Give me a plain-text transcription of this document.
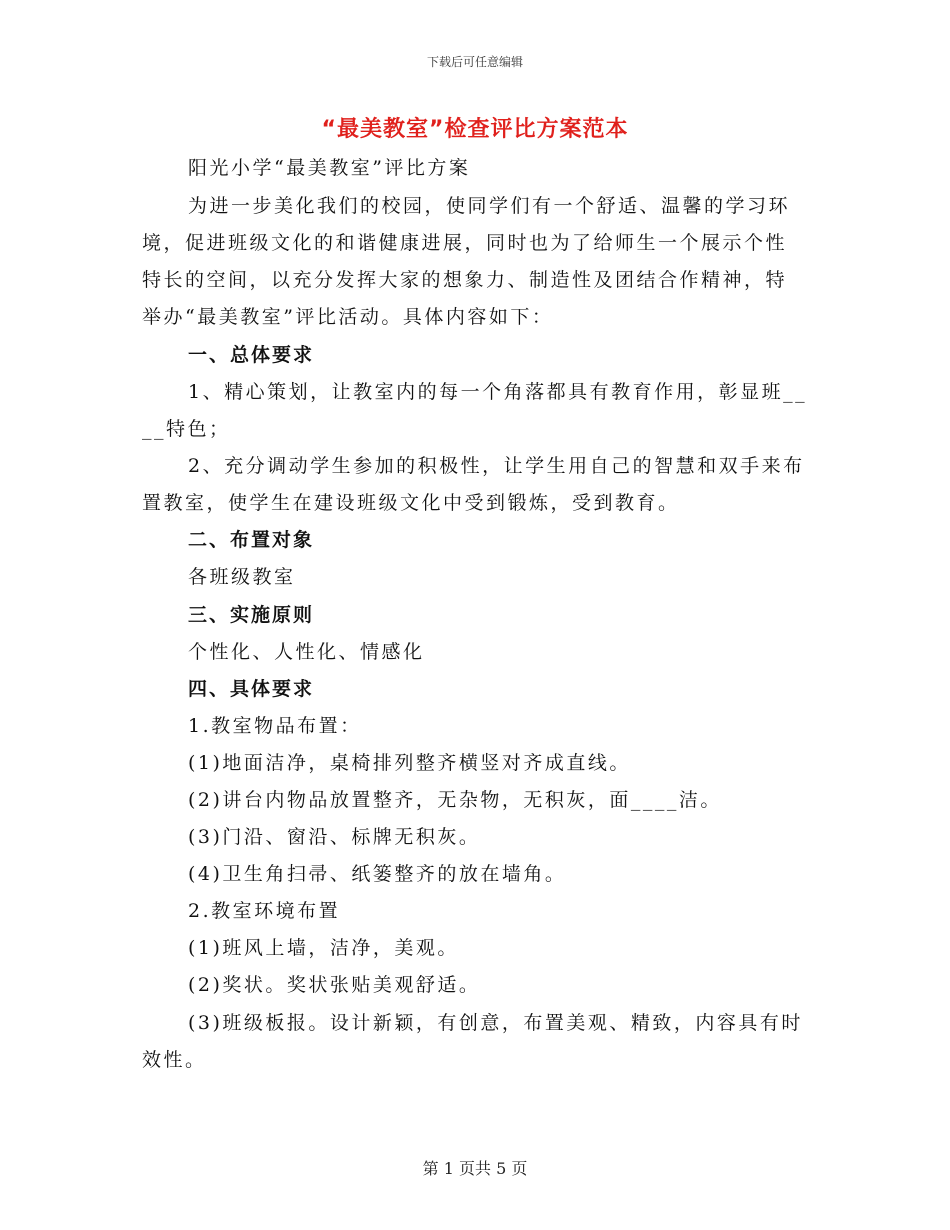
下载后可任意编辑
“最美教室”检查评比方案范本
阳光小学“最美教室”评比方案
为进一步美化我们的校园，使同学们有一个舒适、温馨的学习环
境，促进班级文化的和谐健康进展，同时也为了给师生一个展示个性
特长的空间，以充分发挥大家的想象力、制造性及团结合作精神，特
举办“最美教室”评比活动。具体内容如下：
一、总体要求
1、精心策划，让教室内的每一个角落都具有教育作用，彰显班__
__特色；
2、充分调动学生参加的积极性，让学生用自己的智慧和双手来布
置教室，使学生在建设班级文化中受到锻炼，受到教育。
二、布置对象
各班级教室
三、实施原则
个性化、人性化、情感化
四、具体要求
1.教室物品布置：
(1)地面洁净，桌椅排列整齐横竖对齐成直线。
(2)讲台内物品放置整齐，无杂物，无积灰，面____洁。
(3)门沿、窗沿、标牌无积灰。
(4)卫生角扫帚、纸篓整齐的放在墙角。
2.教室环境布置
(1)班风上墙，洁净，美观。
(2)奖状。奖状张贴美观舒适。
(3)班级板报。设计新颖，有创意，布置美观、精致，内容具有时
效性。
第 1 页共 5 页
